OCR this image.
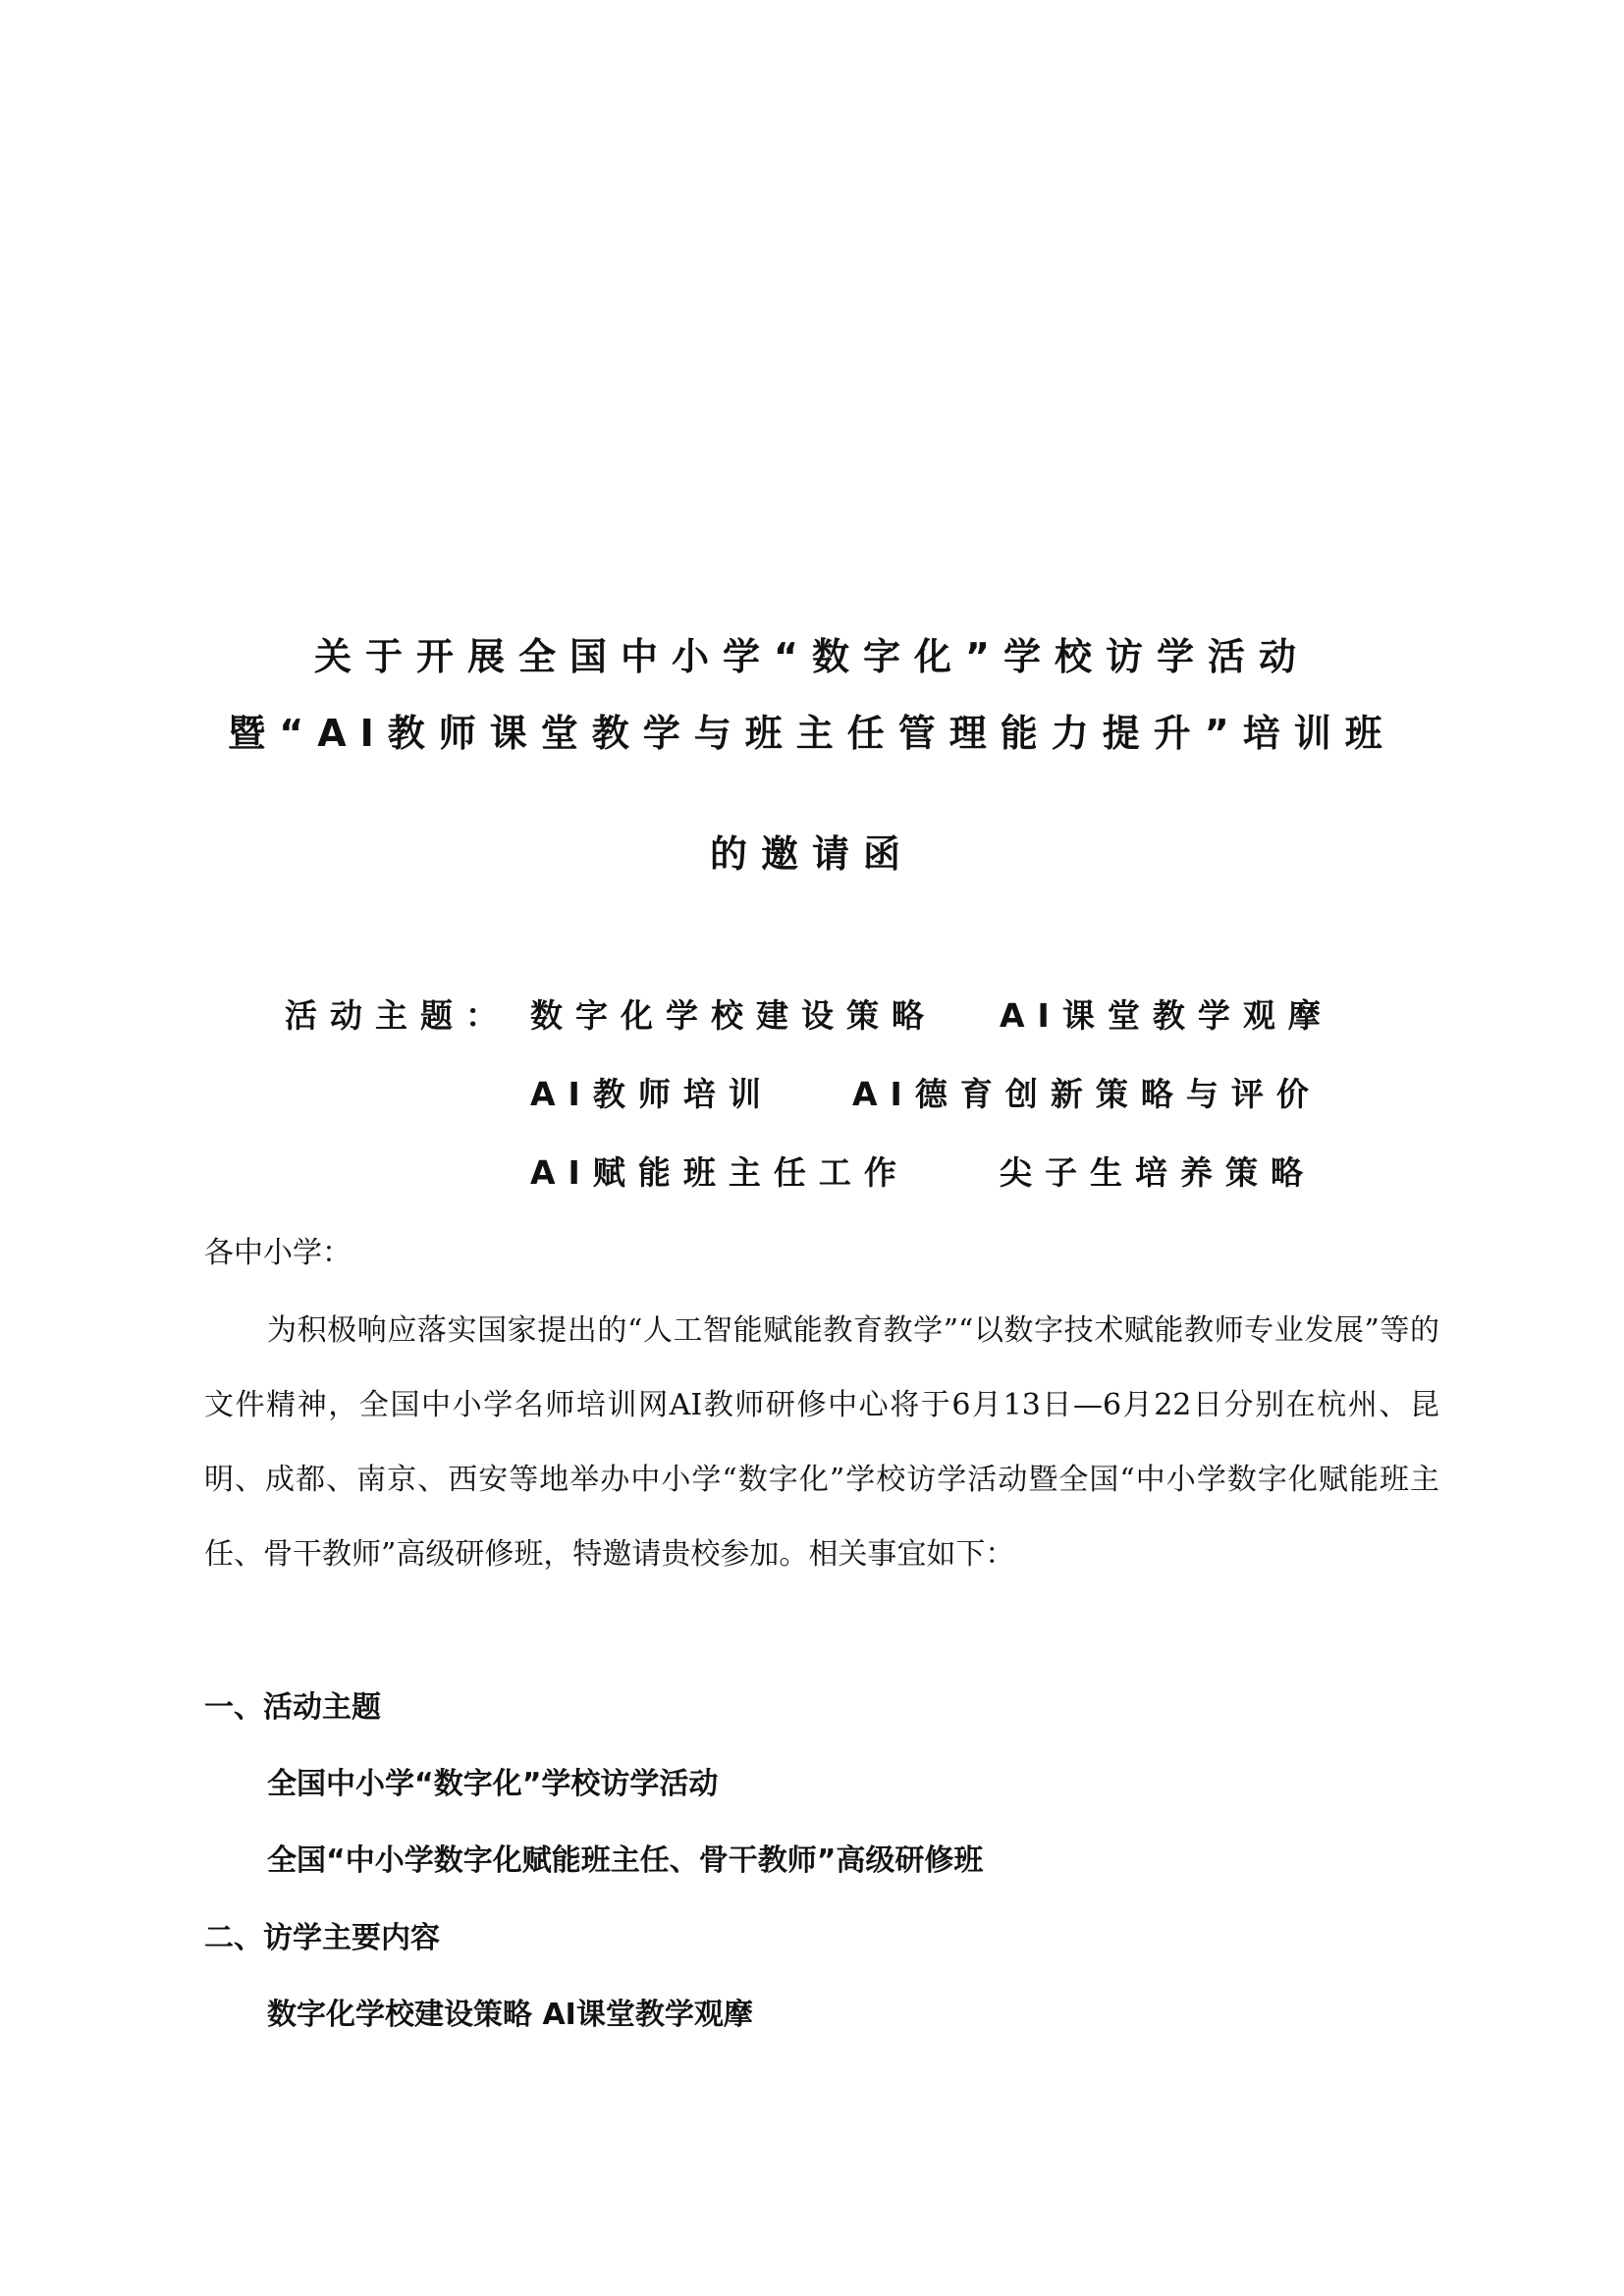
关于开展全国中小学“数字化”学校访学活动
暨“AI教师课堂教学与班主任管理能力提升”培训班
的邀请函
活动主题： 数字化学校建设策略 AI课堂教学观摩
AI教师培训 AI德育创新策略与评价
AI赋能班主任工作	尖子生培养策略
各中小学：
为积极响应落实国家提出的“人工智能赋能教育教学”“以数字技术赋能教师专业发展”等的文件精神，全国中小学名师培训网AI教师研修中心将于6月13日—6月22日分别在杭州、昆明、成都、南京、西安等地举办中小学“数字化”学校访学活动暨全国“中小学数字化赋能班主任、骨干教师”高级研修班，特邀请贵校参加。相关事宜如下：
一、活动主题
全国中小学“数字化”学校访学活动
全国“中小学数字化赋能班主任、骨干教师”高级研修班
二、访学主要内容
数字化学校建设策略 AI课堂教学观摩
